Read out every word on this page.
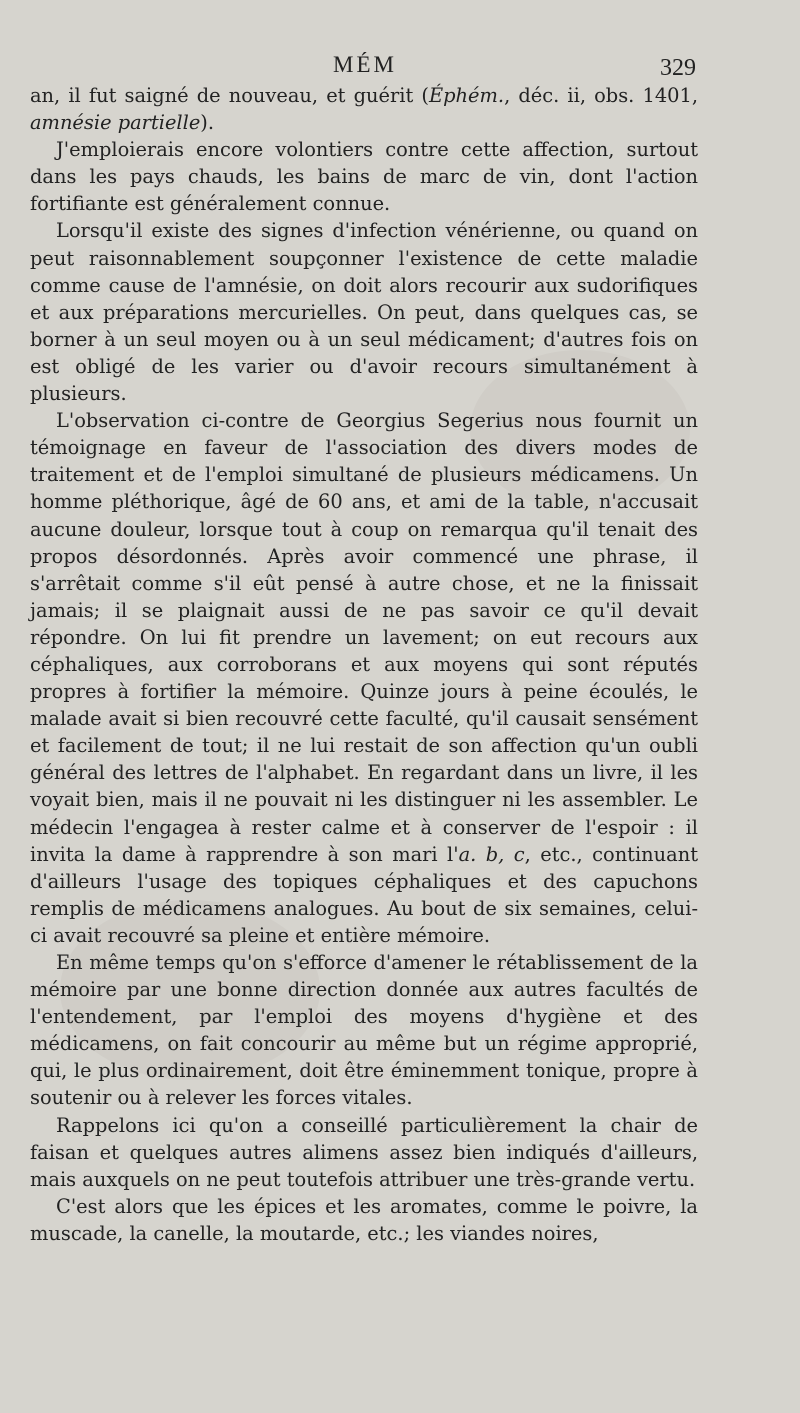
MÉM	329

an, il fut saigné de nouveau, et guérit (Éphém., déc. ii, obs. 1401, amnésie partielle).

J'emploierais encore volontiers contre cette affection, surtout dans les pays chauds, les bains de marc de vin, dont l'action fortifiante est généralement connue.

Lorsqu'il existe des signes d'infection vénérienne, ou quand on peut raisonnablement soupçonner l'existence de cette maladie comme cause de l'amnésie, on doit alors recourir aux sudorifiques et aux préparations mercurielles. On peut, dans quelques cas, se borner à un seul moyen ou à un seul médicament; d'autres fois on est obligé de les varier ou d'avoir recours simultanément à plusieurs.

L'observation ci-contre de Georgius Segerius nous fournit un témoignage en faveur de l'association des divers modes de traitement et de l'emploi simultané de plusieurs médicamens. Un homme pléthorique, âgé de 60 ans, et ami de la table, n'accusait aucune douleur, lorsque tout à coup on remarqua qu'il tenait des propos désordonnés. Après avoir commencé une phrase, il s'arrêtait comme s'il eût pensé à autre chose, et ne la finissait jamais; il se plaignait aussi de ne pas savoir ce qu'il devait répondre. On lui fit prendre un lavement; on eut recours aux céphaliques, aux corroborans et aux moyens qui sont réputés propres à fortifier la mémoire. Quinze jours à peine écoulés, le malade avait si bien recouvré cette faculté, qu'il causait sensément et facilement de tout; il ne lui restait de son affection qu'un oubli général des lettres de l'alphabet. En regardant dans un livre, il les voyait bien, mais il ne pouvait ni les distinguer ni les assembler. Le médecin l'engagea à rester calme et à conserver de l'espoir : il invita la dame à rapprendre à son mari l'a. b, c, etc., continuant d'ailleurs l'usage des topiques céphaliques et des capuchons remplis de médicamens analogues. Au bout de six semaines, celui-ci avait recouvré sa pleine et entière mémoire.

En même temps qu'on s'efforce d'amener le rétablissement de la mémoire par une bonne direction donnée aux autres facultés de l'entendement, par l'emploi des moyens d'hygiène et des médicamens, on fait concourir au même but un régime approprié, qui, le plus ordinairement, doit être éminemment tonique, propre à soutenir ou à relever les forces vitales.

Rappelons ici qu'on a conseillé particulièrement la chair de faisan et quelques autres alimens assez bien indiqués d'ailleurs, mais auxquels on ne peut toutefois attribuer une très-grande vertu.

C'est alors que les épices et les aromates, comme le poivre, la muscade, la canelle, la moutarde, etc.; les viandes noires,
